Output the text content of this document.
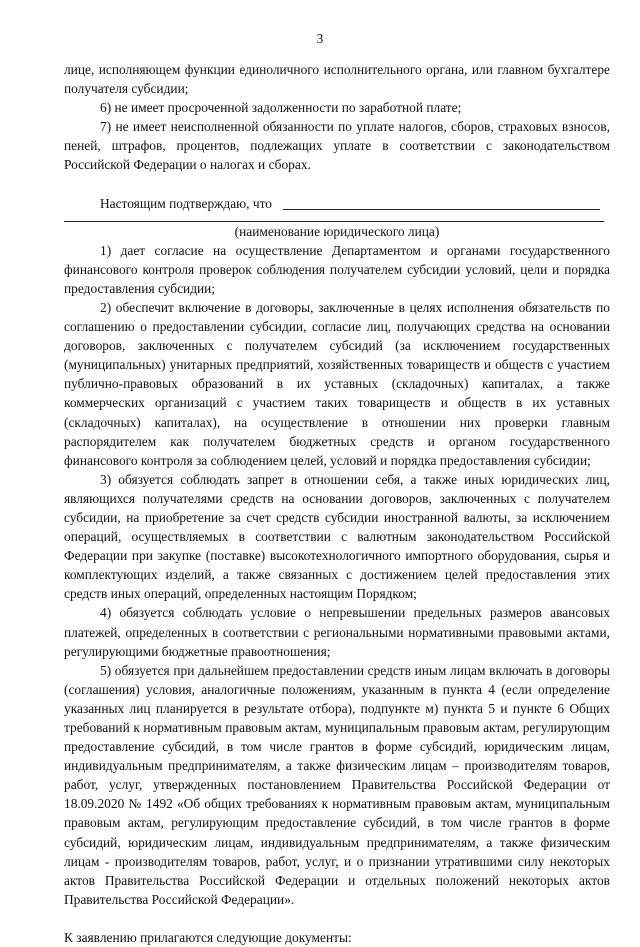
3

лице, исполняющем функции единоличного исполнительного органа, или главном бухгалтере получателя субсидии;

6) не имеет просроченной задолженности по заработной плате;

7) не имеет неисполненной обязанности по уплате налогов, сборов, страховых взносов, пеней, штрафов, процентов, подлежащих уплате в соответствии с законодательством Российской Федерации о налогах и сборах.

Настоящим подтверждаю, что

(наименование юридического лица)

1) дает согласие на осуществление Департаментом и органами государственного финансового контроля проверок соблюдения получателем субсидии условий, цели и порядка предоставления субсидии;

2) обеспечит включение в договоры, заключенные в целях исполнения обязательств по соглашению о предоставлении субсидии, согласие лиц, получающих средства на основании договоров, заключенных с получателем субсидий (за исключением государственных (муниципальных) унитарных предприятий, хозяйственных товариществ и обществ с участием публично-правовых образований в их уставных (складочных) капиталах, а также коммерческих организаций с участием таких товариществ и обществ в их уставных (складочных) капиталах), на осуществление в отношении них проверки главным распорядителем как получателем бюджетных средств и органом государственного финансового контроля за соблюдением целей, условий и порядка предоставления субсидии;

3) обязуется соблюдать запрет в отношении себя, а также иных юридических лиц, являющихся получателями средств на основании договоров, заключенных с получателем субсидии, на приобретение за счет средств субсидии иностранной валюты, за исключением операций, осуществляемых в соответствии с валютным законодательством Российской Федерации при закупке (поставке) высокотехнологичного импортного оборудования, сырья и комплектующих изделий, а также связанных с достижением целей предоставления этих средств иных операций, определенных настоящим Порядком;

4) обязуется соблюдать условие о непревышении предельных размеров авансовых платежей, определенных в соответствии с региональными нормативными правовыми актами, регулирующими бюджетные правоотношения;

5) обязуется при дальнейшем предоставлении средств иным лицам включать в договоры (соглашения) условия, аналогичные положениям, указанным в пункта 4 (если определение указанных лиц планируется в результате отбора), подпункте м) пункта 5 и пункте 6 Общих требований к нормативным правовым актам, муниципальным правовым актам, регулирующим предоставление субсидий, в том числе грантов в форме субсидий, юридическим лицам, индивидуальным предпринимателям, а также физическим лицам – производителям товаров, работ, услуг, утвержденных постановлением Правительства Российской Федерации от 18.09.2020 № 1492 «Об общих требованиях к нормативным правовым актам, муниципальным правовым актам, регулирующим предоставление субсидий, в том числе грантов в форме субсидий, юридическим лицам, индивидуальным предпринимателям, а также физическим лицам - производителям товаров, работ, услуг, и о признании утратившими силу некоторых актов Правительства Российской Федерации и отдельных положений некоторых актов Правительства Российской Федерации».

К заявлению прилагаются следующие документы:
